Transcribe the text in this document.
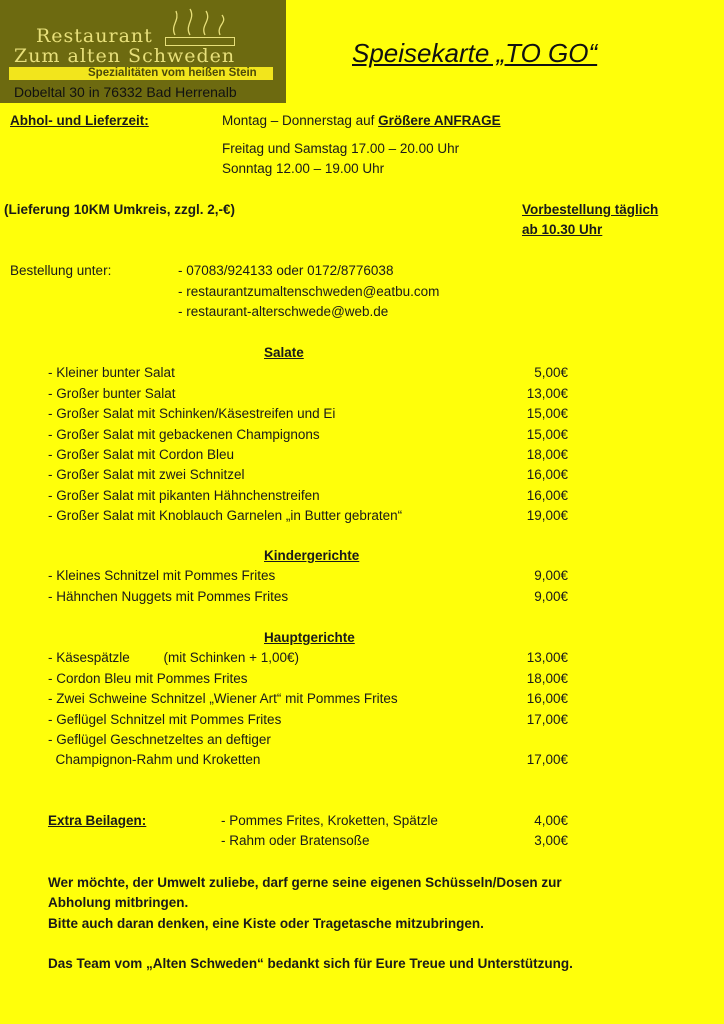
Restaurant
Zum alten Schweden
Spezialitäten vom heißen Stein
Dobeltal 30 in 76332 Bad Herrenalb
Speisekarte „TO GO“
Abhol- und Lieferzeit:	Montag – Donnerstag auf Größere ANFRAGE
Freitag und Samstag 17.00 – 20.00 Uhr
Sonntag 12.00 – 19.00 Uhr
(Lieferung 10KM Umkreis, zzgl. 2,-€)	Vorbestellung täglich
ab 10.30 Uhr
Bestellung unter:	- 07083/924133 oder 0172/8776038
- restaurantzumaltenschweden@eatbu.com
- restaurant-alterschwede@web.de
Salate
- Kleiner bunter Salat	5,00€
- Großer bunter Salat	13,00€
- Großer Salat mit Schinken/Käsestreifen und Ei	15,00€
- Großer Salat mit gebackenen Champignons	15,00€
- Großer Salat mit Cordon Bleu	18,00€
- Großer Salat mit zwei Schnitzel	16,00€
- Großer Salat mit pikanten Hähnchenstreifen	16,00€
- Großer Salat mit Knoblauch Garnelen „in Butter gebraten“	19,00€
Kindergerichte
- Kleines Schnitzel mit Pommes Frites	9,00€
- Hähnchen Nuggets mit Pommes Frites	9,00€
Hauptgerichte
- Käsespätzle         (mit Schinken + 1,00€)	13,00€
- Cordon Bleu mit Pommes Frites	18,00€
- Zwei Schweine Schnitzel „Wiener Art“ mit Pommes Frites	16,00€
- Geflügel Schnitzel mit Pommes Frites	17,00€
- Geflügel Geschnetzeltes an deftiger
Champignon-Rahm und Kroketten	17,00€
Extra Beilagen:	- Pommes Frites, Kroketten, Spätzle	4,00€
- Rahm oder Bratensoße	3,00€
Wer möchte, der Umwelt zuliebe, darf gerne seine eigenen Schüsseln/Dosen zur
Abholung mitbringen.
Bitte auch daran denken, eine Kiste oder Tragetasche mitzubringen.
Das Team vom „Alten Schweden“ bedankt sich für Eure Treue und Unterstützung.
